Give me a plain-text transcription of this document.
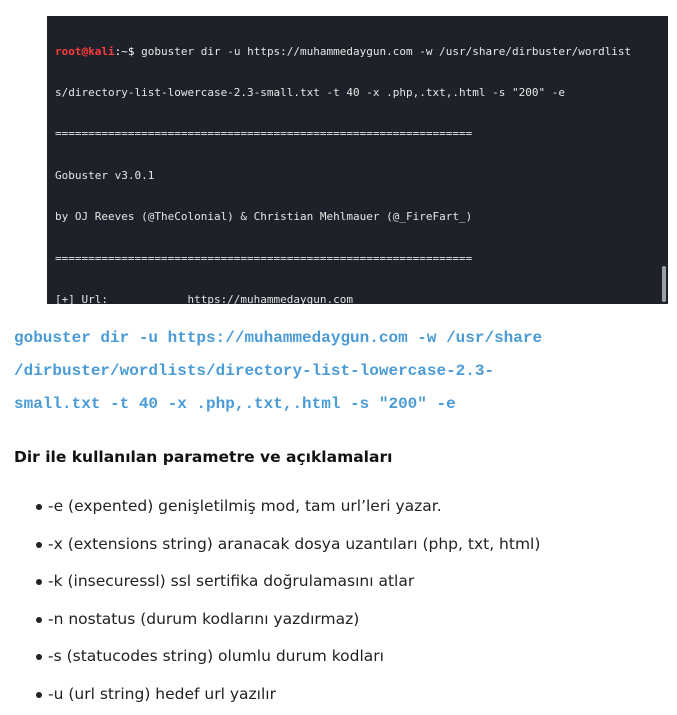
root@kali:~$ gobuster dir -u https://muhammedaygun.com -w /usr/share/dirbuster/wordlist

s/directory-list-lowercase-2.3-small.txt -t 40 -x .php,.txt,.html -s "200" -e

===============================================================

Gobuster v3.0.1

by OJ Reeves (@TheColonial) & Christian Mehlmauer (@_FireFart_)

===============================================================

[+] Url:            https://muhammedaygun.com

gobuster dir -u https://muhammedaygun.com -w /usr/share
/dirbuster/wordlists/directory-list-lowercase-2.3-
small.txt -t 40 -x .php,.txt,.html -s "200" -e
Dir ile kullanılan parametre ve açıklamaları
-e (expented) genişletilmiş mod, tam url’leri yazar.
-x (extensions string) aranacak dosya uzantıları (php, txt, html)
-k (insecuressl) ssl sertifika doğrulamasını atlar
-n nostatus (durum kodlarını yazdırmaz)
-s (statucodes string) olumlu durum kodları
-u (url string) hedef url yazılır
